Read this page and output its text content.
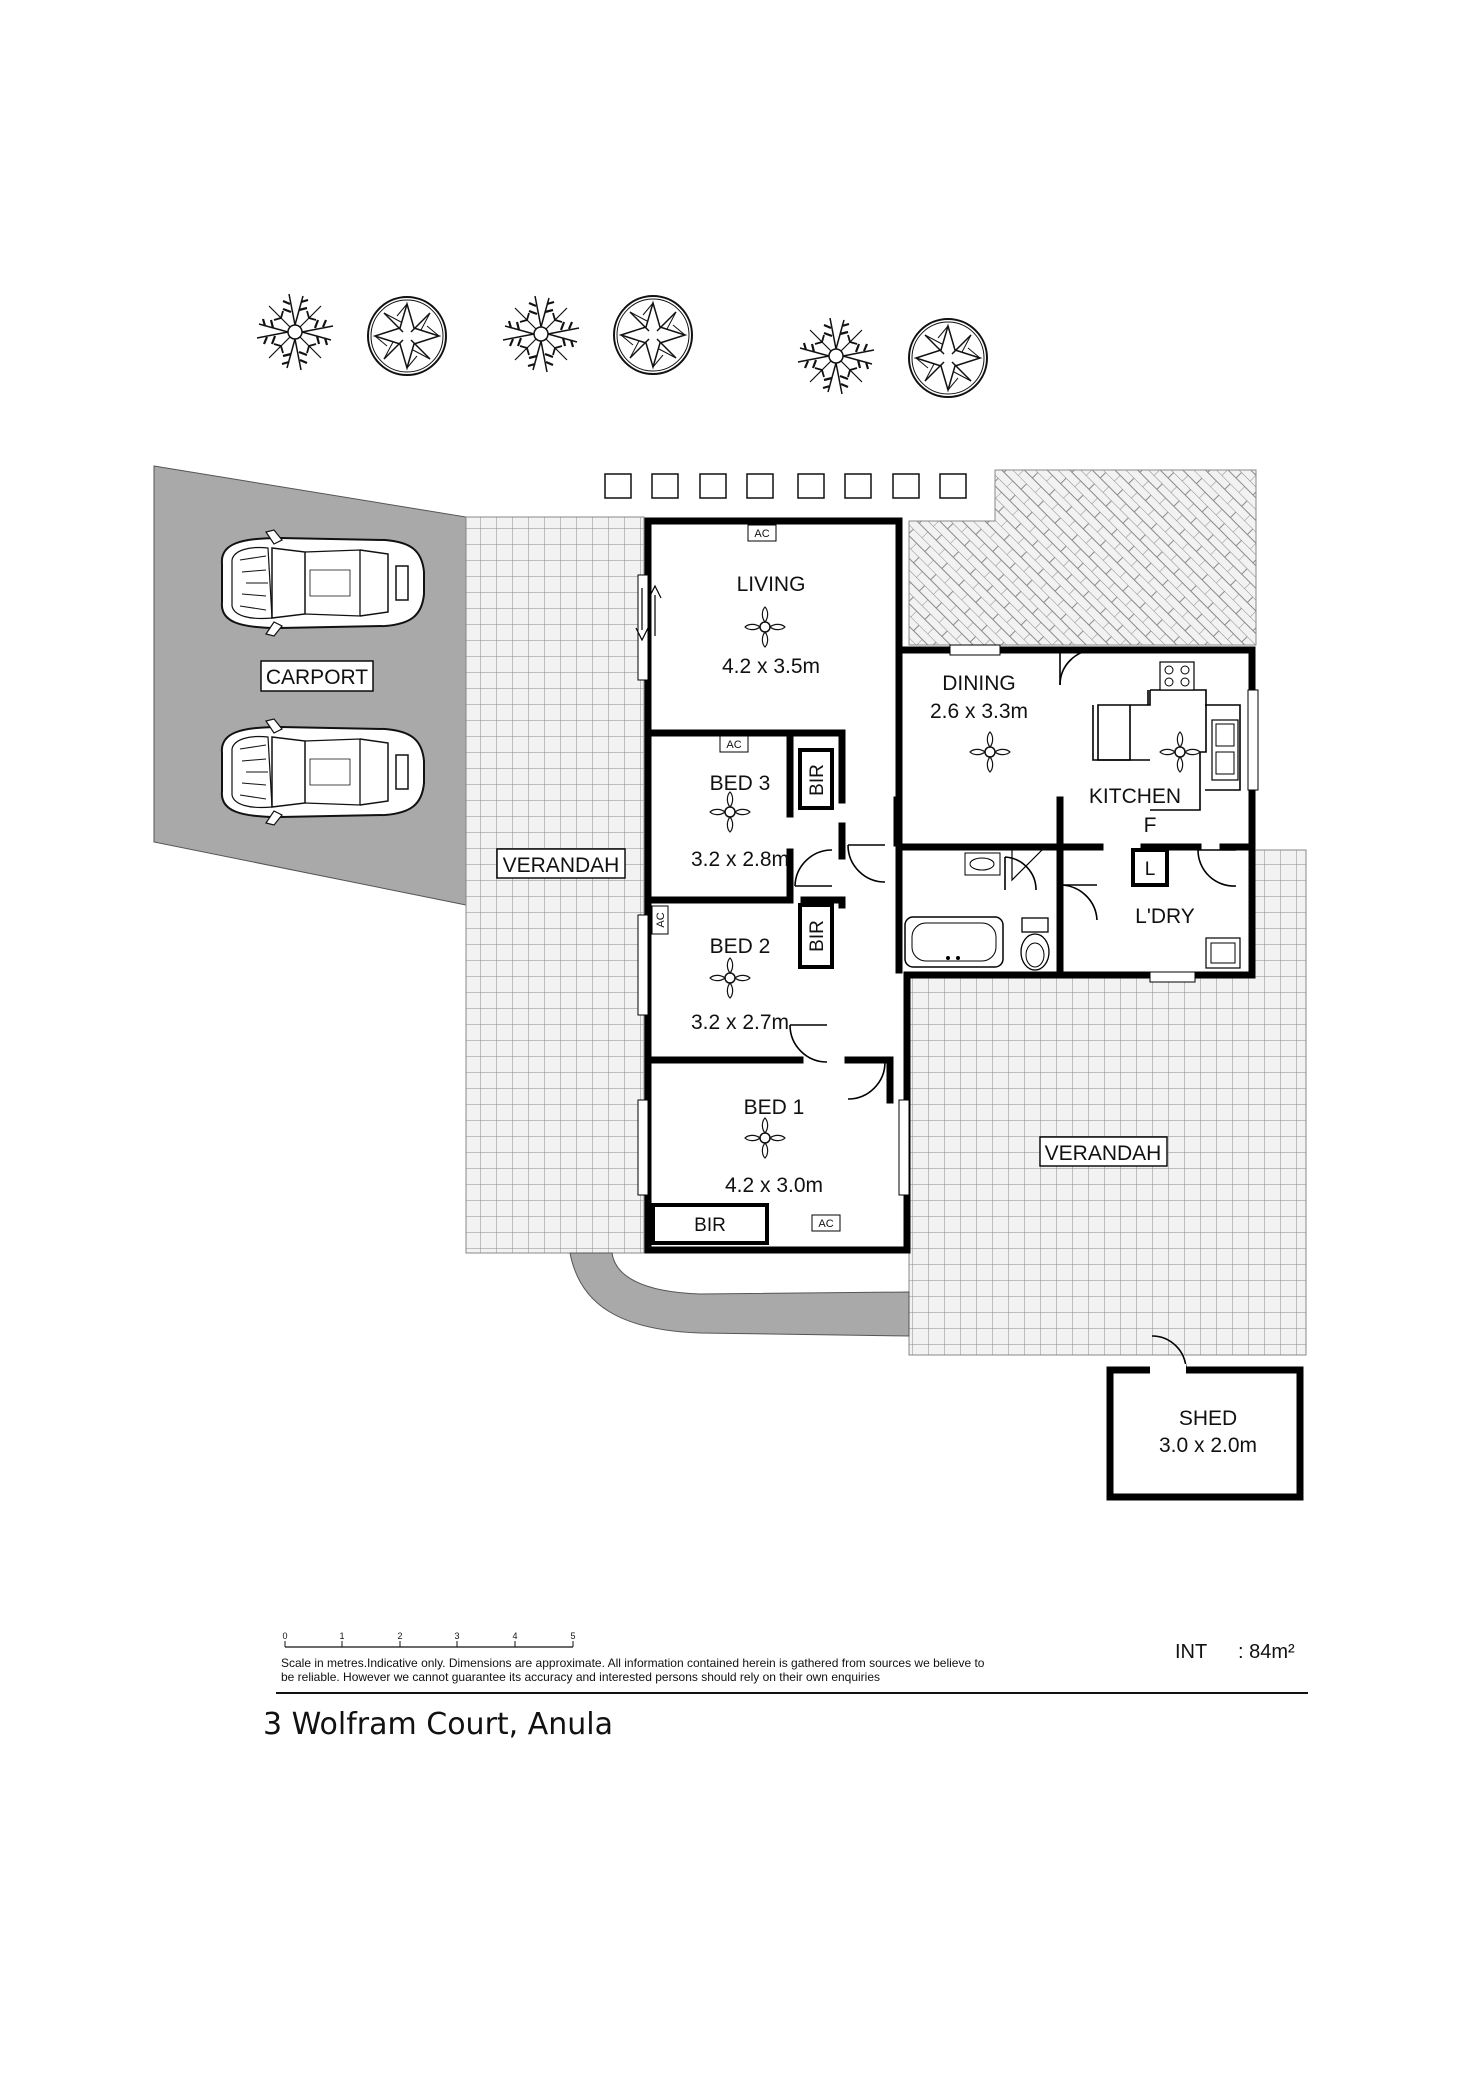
CARPORT
VERANDAH
VERANDAH
BIR
BIR
BIR
AC
AC
AC
AC
L
LIVING
4.2 x 3.5m
DINING
2.6 x 3.3m
KITCHEN
F
L'DRY
BED 3
3.2 x 2.8m
BED 2
3.2 x 2.7m
BED 1
4.2 x 3.0m
SHED
3.0 x 2.0m
0	1	2	3	4	5
Scale in metres.Indicative only. Dimensions are approximate. All information contained herein is gathered from sources we believe to be reliable. However we cannot guarantee its accuracy and interested persons should rely on their own enquiries
INT : 84m²
3 Wolfram Court, Anula
